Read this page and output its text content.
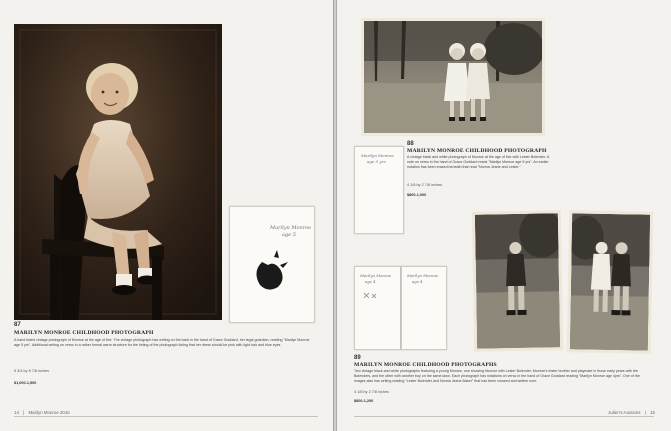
Marilyn Monroe
age 5
87
MARILYN MONROE CHILDHOOD PHOTOGRAPH
A hand tinted vintage photograph of Monroe at the age of five. The vintage photograph has writing on the back in the hand of Grace Goddard, her legal guardian, reading "Marilyn Monroe age 5 yrs". Additional writing on verso in a rather formal warm structure for the tinting of the photograph listing that her dress should be pink with light hair and blue eyes.
5 3/4 by 8 7/8 inches
$1,000-1,500
14 | Marilyn Monroe 2016
Marilyn Monroe
age 5 yrs
88
MARILYN MONROE CHILDHOOD PHOTOGRAPH
A vintage black and white photograph of Monroe at the age of five with Lester Bolender. A note on verso in the hand of Grace Goddard reads "Marilyn Monroe age 5 yrs". An earlier notation has been erased beneath that read "Norma Jeane and Lester."
4 1/8 by 2 7/8 inches
$800-1,000
Marilyn Monroe
age 4
Marilyn Monroe
age 4
89
MARILYN MONROE CHILDHOOD PHOTOGRAPHS
Two vintage black and white photographs featuring a young Monroe, one showing Monroe with Lester Bolender, Monroe's foster brother and playmate in those early years with the Bolenders, and the other with another boy on the same lawn. Each photograph has notations on verso in the hand of Grace Goddard reading "Marilyn Monroe age 4yrs". One of the images also has writing reading "Lester Bolender and Norma Jeane Baker" that has been crossed and written over.
4 1/8 by 2 7/8 inches
$800-1,200
Julien's Auctions | 15
